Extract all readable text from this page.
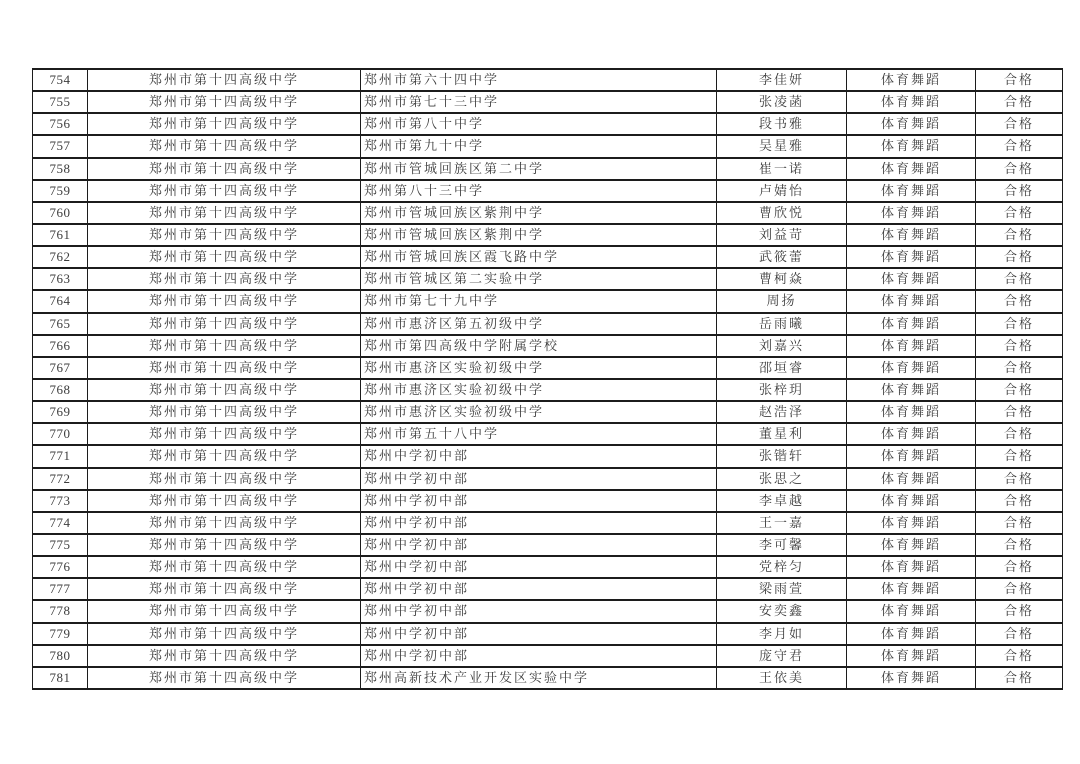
754	郑州市第十四高级中学	郑州市第六十四中学	李佳妍	体育舞蹈	合格
755	郑州市第十四高级中学	郑州市第七十三中学	张凌菡	体育舞蹈	合格
756	郑州市第十四高级中学	郑州市第八十中学	段书雅	体育舞蹈	合格
757	郑州市第十四高级中学	郑州市第九十中学	吴星雅	体育舞蹈	合格
758	郑州市第十四高级中学	郑州市管城回族区第二中学	崔一诺	体育舞蹈	合格
759	郑州市第十四高级中学	郑州第八十三中学	卢婧怡	体育舞蹈	合格
760	郑州市第十四高级中学	郑州市管城回族区紫荆中学	曹欣悦	体育舞蹈	合格
761	郑州市第十四高级中学	郑州市管城回族区紫荆中学	刘益苛	体育舞蹈	合格
762	郑州市第十四高级中学	郑州市管城回族区霞飞路中学	武筱蕾	体育舞蹈	合格
763	郑州市第十四高级中学	郑州市管城区第二实验中学	曹柯焱	体育舞蹈	合格
764	郑州市第十四高级中学	郑州市第七十九中学	周扬	体育舞蹈	合格
765	郑州市第十四高级中学	郑州市惠济区第五初级中学	岳雨曦	体育舞蹈	合格
766	郑州市第十四高级中学	郑州市第四高级中学附属学校	刘嘉兴	体育舞蹈	合格
767	郑州市第十四高级中学	郑州市惠济区实验初级中学	邵垣睿	体育舞蹈	合格
768	郑州市第十四高级中学	郑州市惠济区实验初级中学	张梓玥	体育舞蹈	合格
769	郑州市第十四高级中学	郑州市惠济区实验初级中学	赵浩泽	体育舞蹈	合格
770	郑州市第十四高级中学	郑州市第五十八中学	董星利	体育舞蹈	合格
771	郑州市第十四高级中学	郑州中学初中部	张锴轩	体育舞蹈	合格
772	郑州市第十四高级中学	郑州中学初中部	张思之	体育舞蹈	合格
773	郑州市第十四高级中学	郑州中学初中部	李卓越	体育舞蹈	合格
774	郑州市第十四高级中学	郑州中学初中部	王一嘉	体育舞蹈	合格
775	郑州市第十四高级中学	郑州中学初中部	李可馨	体育舞蹈	合格
776	郑州市第十四高级中学	郑州中学初中部	党梓匀	体育舞蹈	合格
777	郑州市第十四高级中学	郑州中学初中部	梁雨萱	体育舞蹈	合格
778	郑州市第十四高级中学	郑州中学初中部	安奕鑫	体育舞蹈	合格
779	郑州市第十四高级中学	郑州中学初中部	李月如	体育舞蹈	合格
780	郑州市第十四高级中学	郑州中学初中部	庞守君	体育舞蹈	合格
781	郑州市第十四高级中学	郑州高新技术产业开发区实验中学	王依美	体育舞蹈	合格
